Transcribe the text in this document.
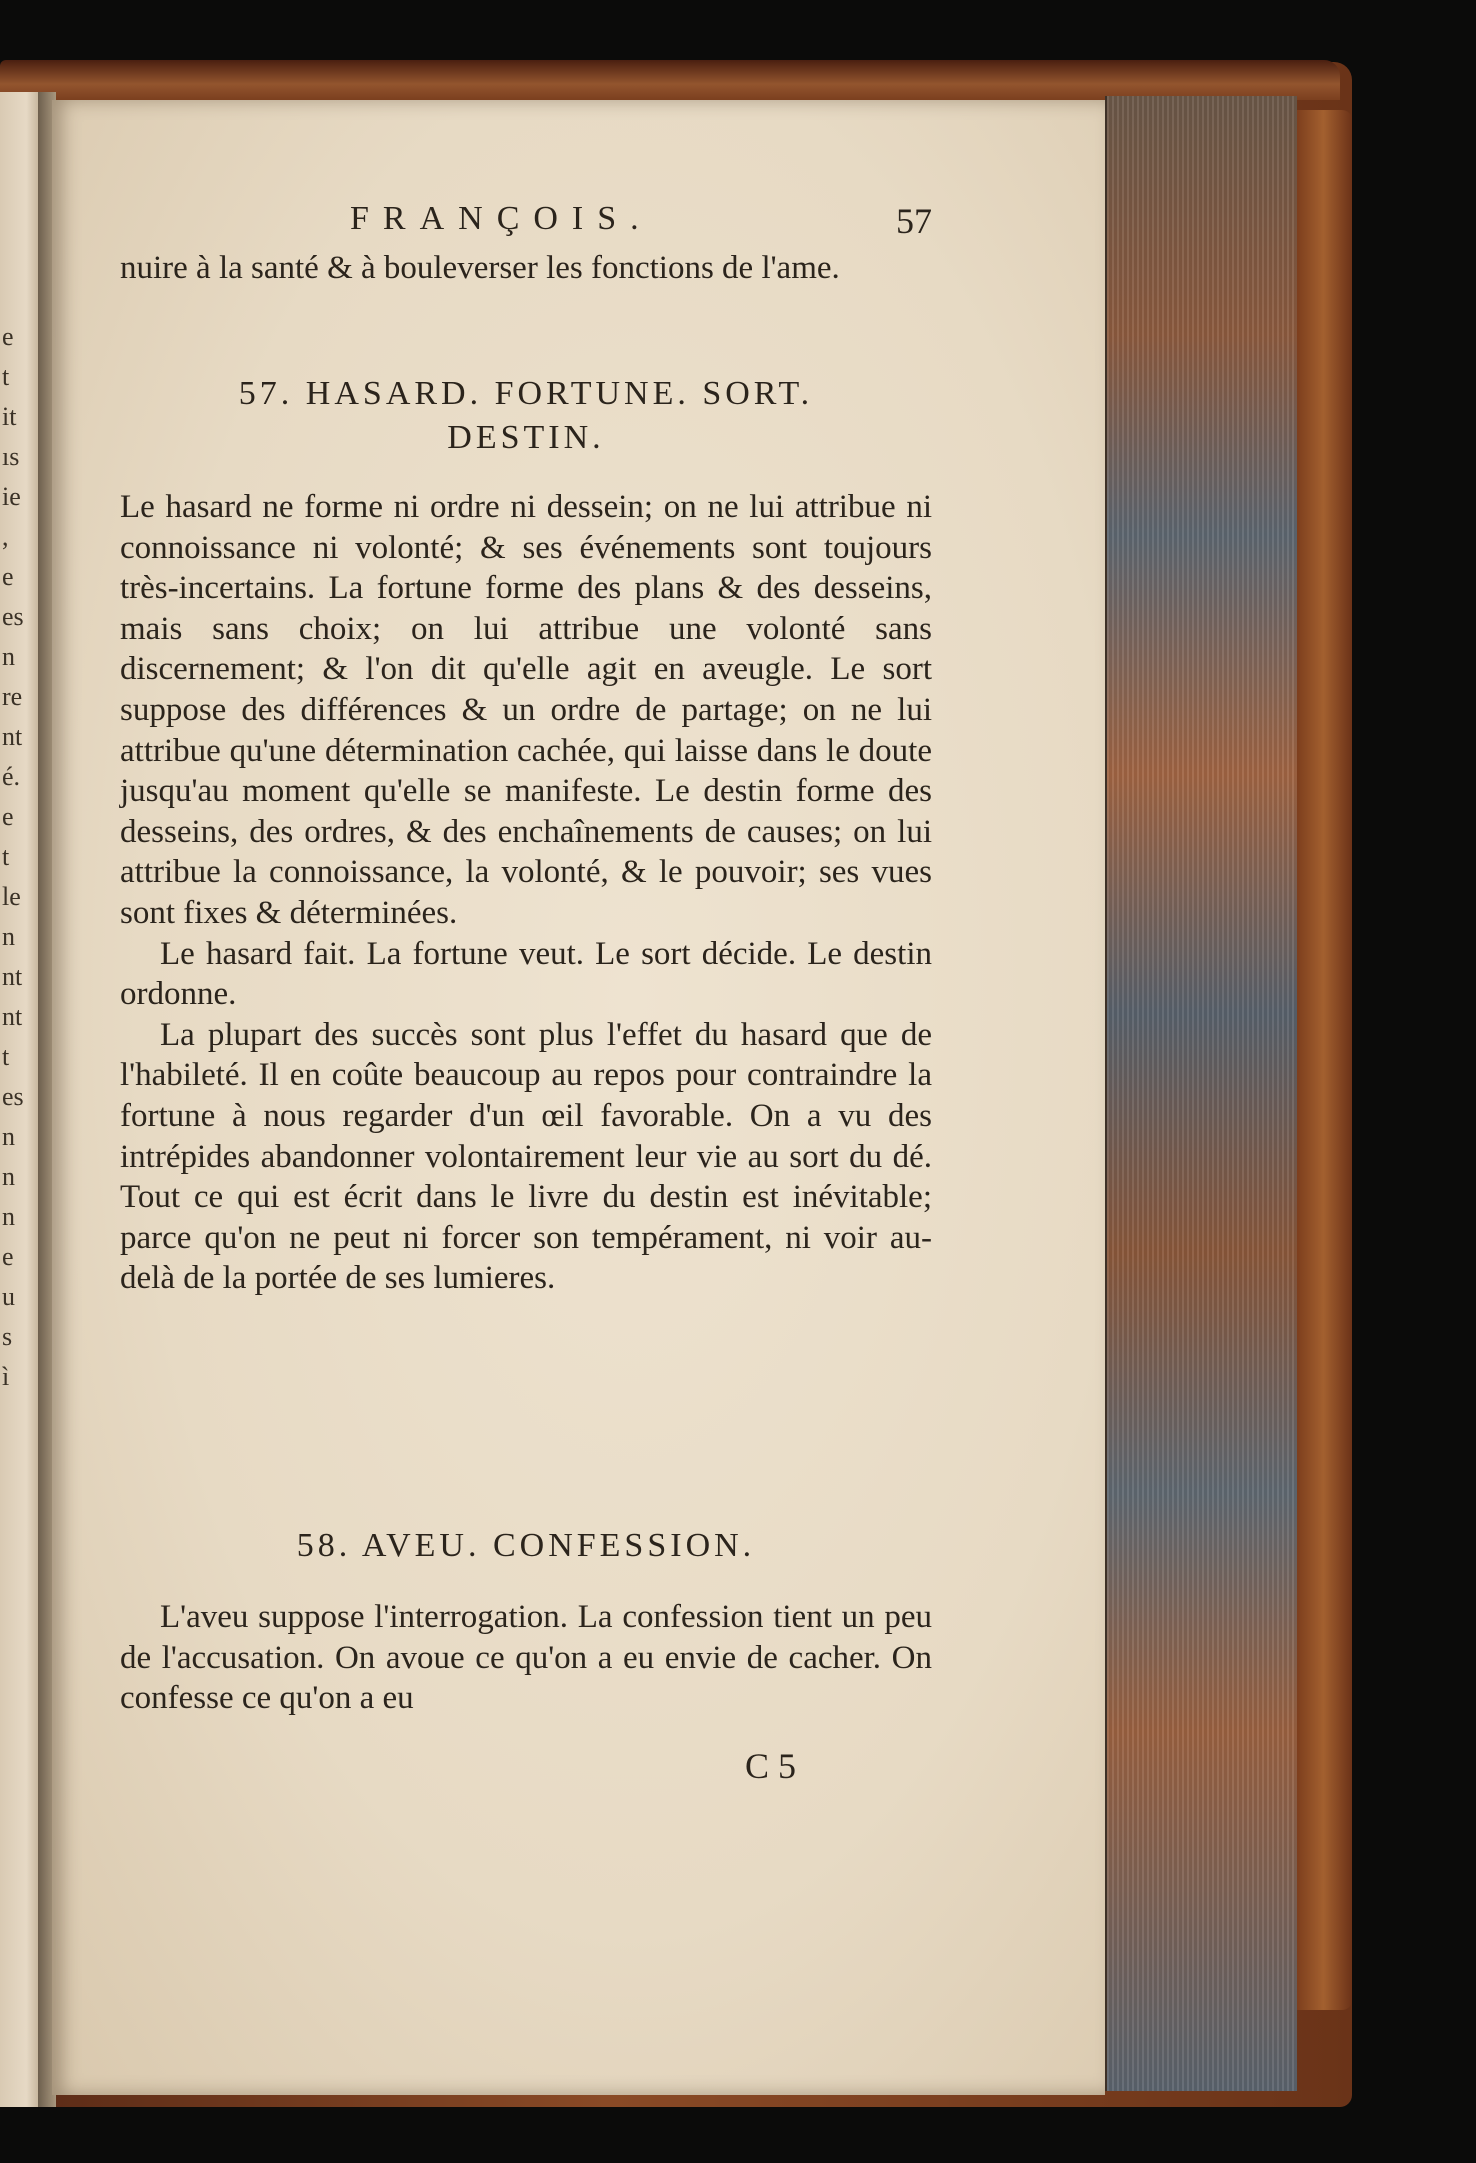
e
t
it
ıs
ie
,
e
es
n
re
nt
é.
e
t
le
n
nt
nt
t
es
n
n
n
e
u
s
ì
FRANÇOIS.	57

nuire à la santé & à bouleverser les fonctions de l'ame.

57. HASARD. FORTUNE. SORT.
DESTIN.

Le hasard ne forme ni ordre ni dessein; on ne lui attribue ni connoissance ni volonté; & ses événements sont toujours très-incertains. La fortune forme des plans & des desseins, mais sans choix; on lui attribue une volonté sans discernement; & l'on dit qu'elle agit en aveugle. Le sort suppose des différences & un ordre de partage; on ne lui attribue qu'une détermination cachée, qui laisse dans le doute jusqu'au moment qu'elle se manifeste. Le destin forme des desseins, des ordres, & des enchaînements de causes; on lui attribue la connoissance, la volonté, & le pouvoir; ses vues sont fixes & déterminées.

Le hasard fait. La fortune veut. Le sort décide. Le destin ordonne.

La plupart des succès sont plus l'effet du hasard que de l'habileté. Il en coûte beaucoup au repos pour contraindre la fortune à nous regarder d'un œil favorable. On a vu des intrépides abandonner volontairement leur vie au sort du dé. Tout ce qui est écrit dans le livre du destin est inévitable; parce qu'on ne peut ni forcer son tempérament, ni voir au-delà de la portée de ses lumieres.

58. AVEU. CONFESSION.

L'aveu suppose l'interrogation. La confession tient un peu de l'accusation. On avoue ce qu'on a eu envie de cacher. On confesse ce qu'on a eu

C 5
